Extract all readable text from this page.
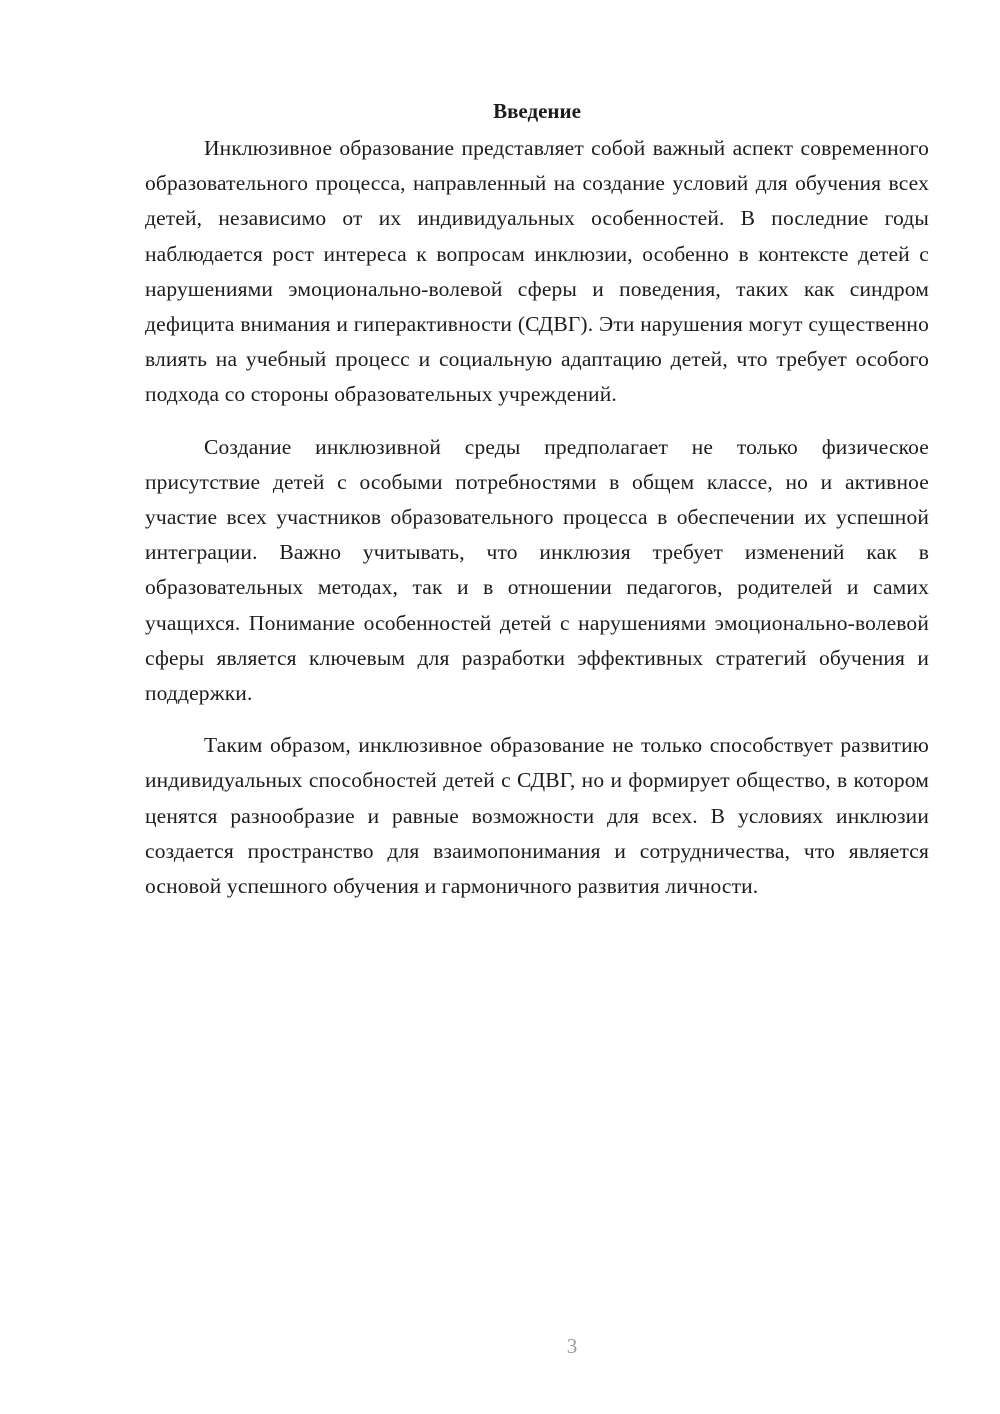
Введение

Инклюзивное образование представляет собой важный аспект современного образовательного процесса, направленный на создание условий для обучения всех детей, независимо от их индивидуальных особенностей. В последние годы наблюдается рост интереса к вопросам инклюзии, особенно в контексте детей с нарушениями эмоционально-волевой сферы и поведения, таких как синдром дефицита внимания и гиперактивности (СДВГ). Эти нарушения могут существенно влиять на учебный процесс и социальную адаптацию детей, что требует особого подхода со стороны образовательных учреждений.

Создание инклюзивной среды предполагает не только физическое присутствие детей с особыми потребностями в общем классе, но и активное участие всех участников образовательного процесса в обеспечении их успешной интеграции. Важно учитывать, что инклюзия требует изменений как в образовательных методах, так и в отношении педагогов, родителей и самих учащихся. Понимание особенностей детей с нарушениями эмоционально-волевой сферы является ключевым для разработки эффективных стратегий обучения и поддержки.

Таким образом, инклюзивное образование не только способствует развитию индивидуальных способностей детей с СДВГ, но и формирует общество, в котором ценятся разнообразие и равные возможности для всех. В условиях инклюзии создается пространство для взаимопонимания и сотрудничества, что является основой успешного обучения и гармоничного развития личности.

3
